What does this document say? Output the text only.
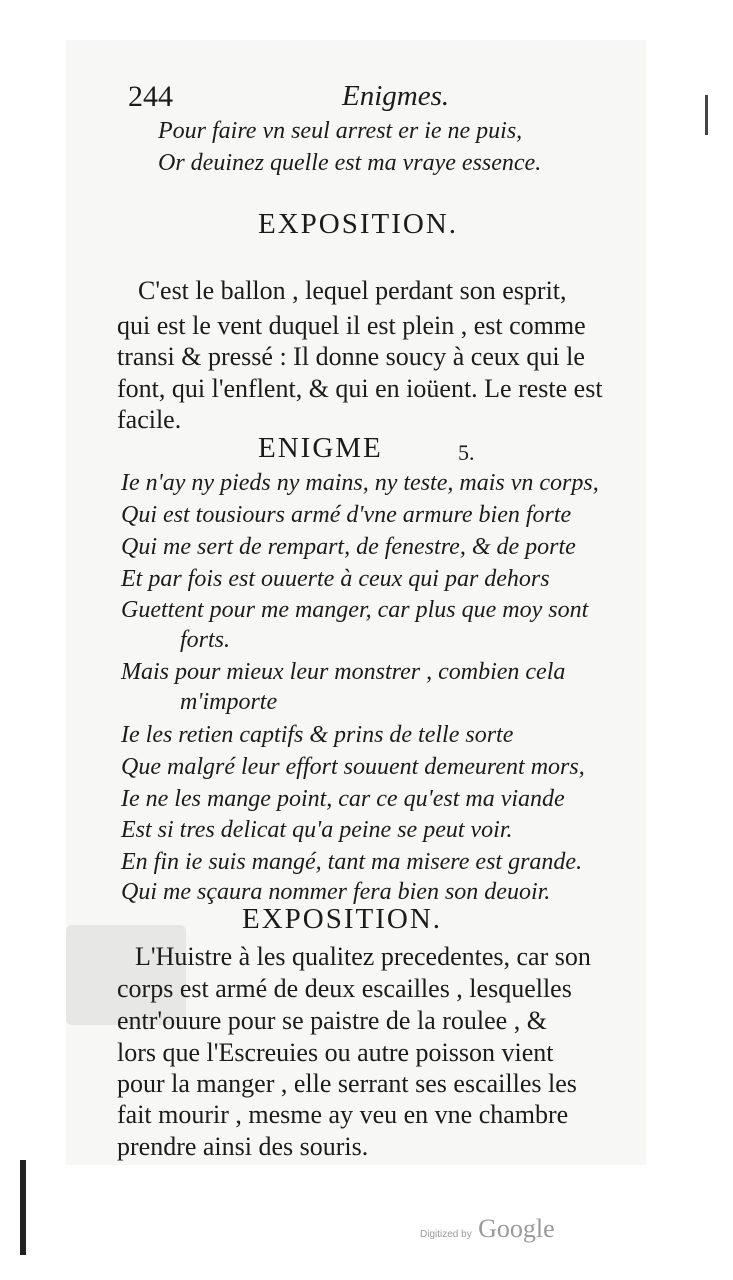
244	Enigmes.

Pour faire vn seul arrest er ie ne puis,

Or deuinez quelle est ma vraye essence.

EXPOSITION.

C'est le ballon , lequel perdant son esprit,

qui est le vent duquel il est plein , est comme

transi & pressé : Il donne soucy à ceux qui le

font, qui l'enflent, & qui en ioüent. Le reste est

facile.

ENIGME	5.

Ie n'ay ny pieds ny mains, ny teste, mais vn corps,

Qui est tousiours armé d'vne armure bien forte

Qui me sert de rempart, de fenestre, & de porte

Et par fois est ouuerte à ceux qui par dehors

Guettent pour me manger, car plus que moy sont

forts.

Mais pour mieux leur monstrer , combien cela

m'importe

Ie les retien captifs & prins de telle sorte

Que malgré leur effort souuent demeurent mors,

Ie ne les mange point, car ce qu'est ma viande

Est si tres delicat qu'a peine se peut voir.

En fin ie suis mangé, tant ma misere est grande.

Qui me sçaura nommer fera bien son deuoir.

EXPOSITION.

L'Huistre à les qualitez precedentes, car son

corps est armé de deux escailles , lesquelles

entr'ouure pour se paistre de la roulee , &

lors que l'Escreuies ou autre poisson vient

pour la manger , elle serrant ses escailles les

fait mourir , mesme ay veu en vne chambre

prendre ainsi des souris.

Digitized by Google
